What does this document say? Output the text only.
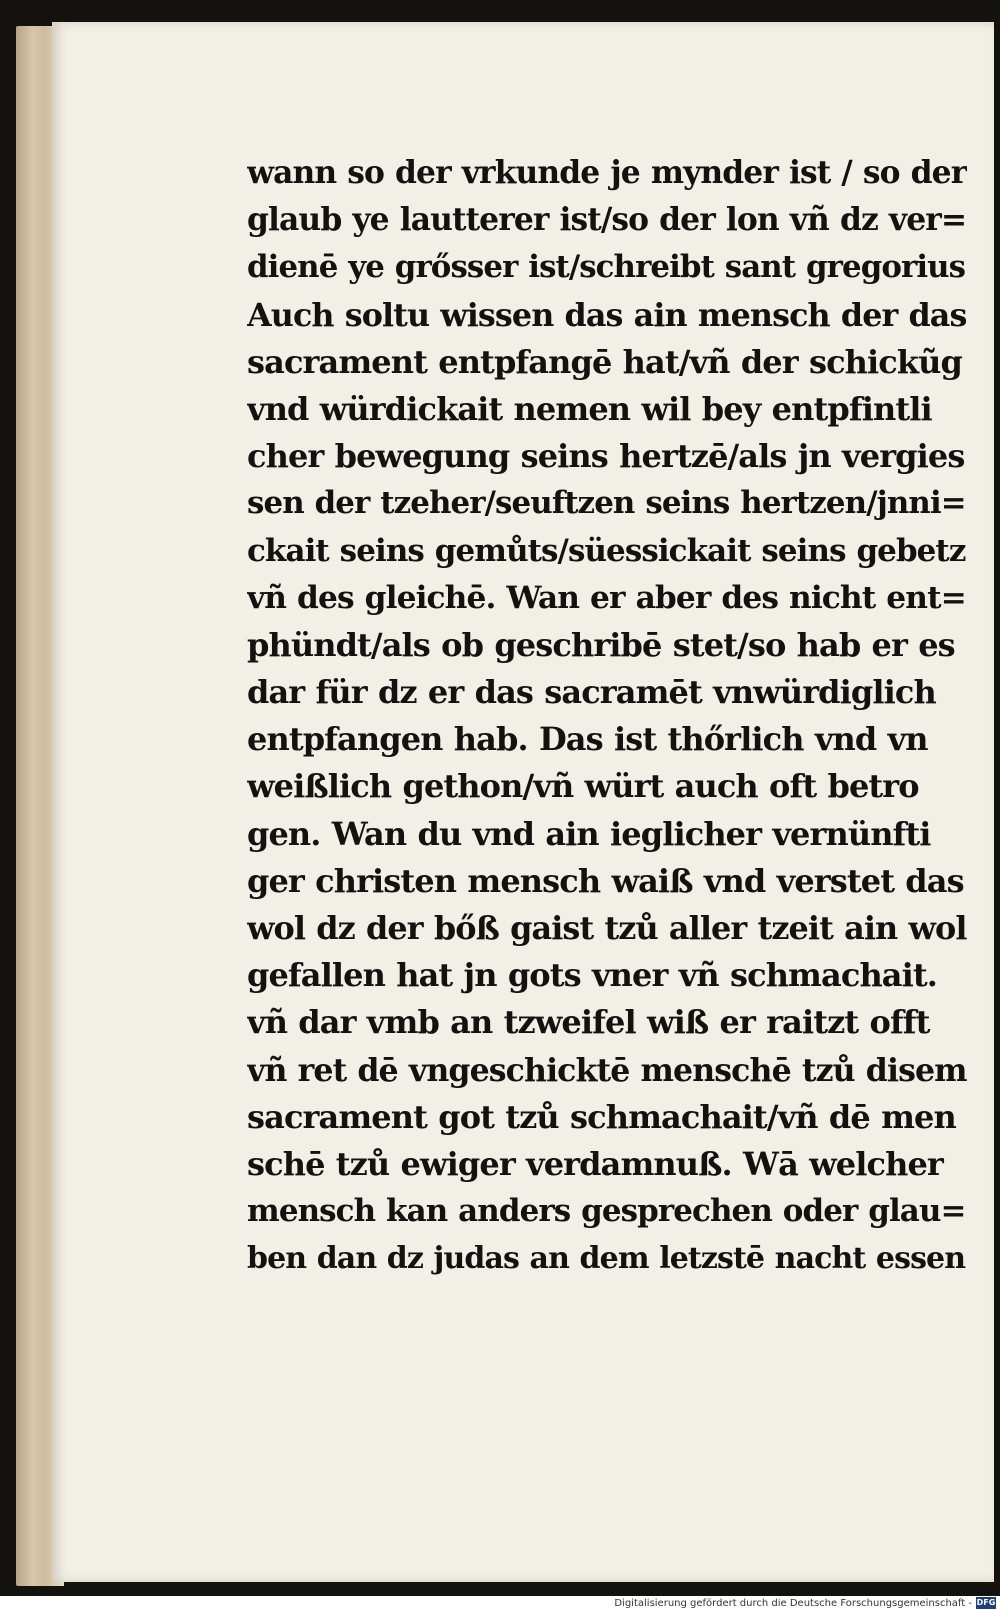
wann so der vrkunde je mynder ist / so der
glaub ye lautterer ist/so der lon vñ dz ver=
dienē ye grősser ist/schreibt sant gregorius
Auch soltu wissen das ain mensch der das
sacrament entpfangē hat/vñ der schickũg
vnd würdickait nemen wil bey entpfintli
cher bewegung seins hertzē/als jn vergies
sen der tzeher/seuftzen seins hertzen/jnni=
ckait seins gemůts/süessickait seins gebetz
vñ des gleichē. Wan er aber des nicht ent=
phündt/als ob geschribē stet/so hab er es
dar für dz er das sacramēt vnwürdiglich
entpfangen hab. Das ist thőrlich vnd vn
weißlich gethon/vñ würt auch oft betro
gen. Wan du vnd ain ieglicher vernünfti
ger christen mensch waiß vnd verstet das
wol dz der bőß gaist tzů aller tzeit ain wol
gefallen hat jn gots vner vñ schmachait.
vñ dar vmb an tzweifel wiß er raitzt offt
vñ ret dē vngeschicktē menschē tzů disem
sacrament got tzů schmachait/vñ dē men
schē tzů ewiger verdamnuß. Wā welcher
mensch kan anders gesprechen oder glau=
ben dan dz judas an dem letzstē nacht essen
Digitalisierung gefördert durch die Deutsche Forschungsgemeinschaft - DFG
